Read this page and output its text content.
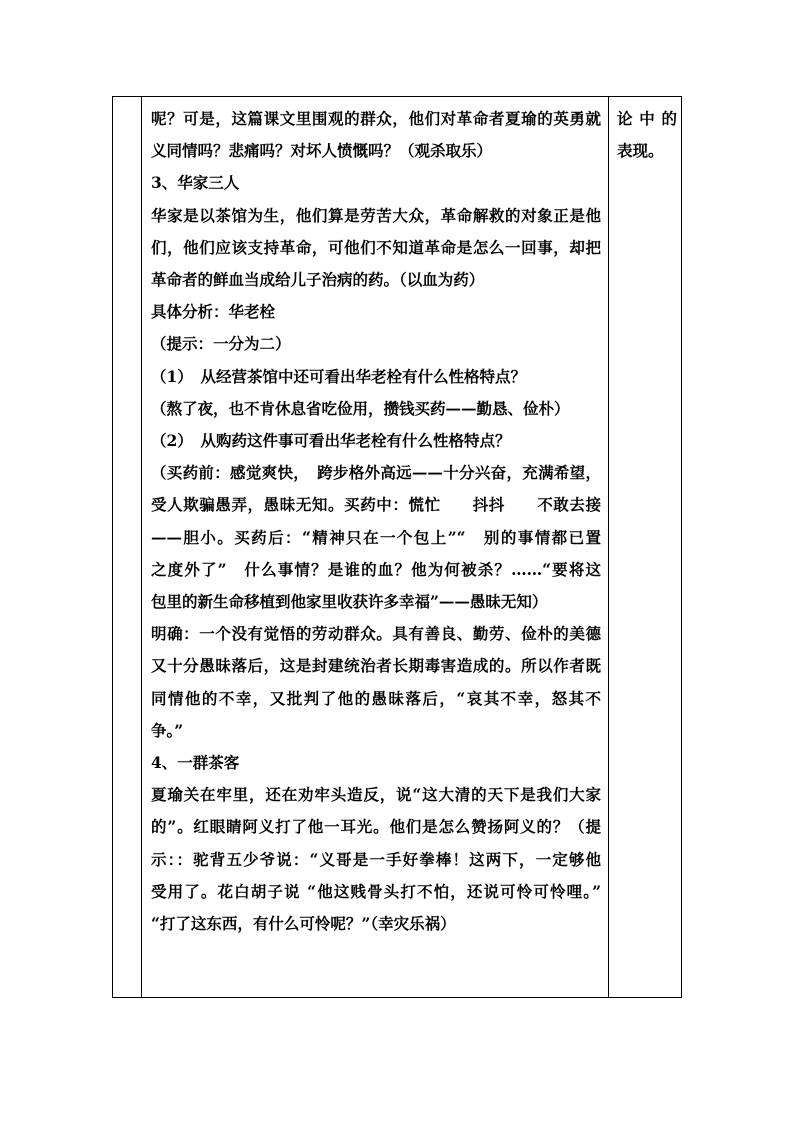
呢？可是，这篇课文里围观的群众，他们对革命者夏瑜的英勇就

义同情吗？悲痛吗？对坏人愤慨吗？（观杀取乐）

3、华家三人

华家是以茶馆为生，他们算是劳苦大众，革命解救的对象正是他

们，他们应该支持革命，可他们不知道革命是怎么一回事，却把

革命者的鲜血当成给儿子治病的药。（以血为药）

具体分析：华老栓

（提示：一分为二）

（1）　从经营茶馆中还可看出华老栓有什么性格特点？

（熬了夜，也不肯休息省吃俭用，攒钱买药——勤恳、俭朴）

（2）　从购药这件事可看出华老栓有什么性格特点？

（买药前：感觉爽快，　跨步格外高远——十分兴奋，充满希望，

受人欺骗愚弄，愚昧无知。买药中：慌忙　　抖抖　　不敢去接

——胆小。买药后：“精神只在一个包上”“　别的事情都已置

之度外了”　什么事情？是谁的血？他为何被杀？……“要将这

包里的新生命移植到他家里收获许多幸福”——愚昧无知）

明确：一个没有觉悟的劳动群众。具有善良、勤劳、俭朴的美德

又十分愚昧落后，这是封建统治者长期毒害造成的。所以作者既

同情他的不幸，又批判了他的愚昧落后，“哀其不幸，怒其不

争。”

4、一群茶客

夏瑜关在牢里，还在劝牢头造反，说“这大清的天下是我们大家

的”。红眼睛阿义打了他一耳光。他们是怎么赞扬阿义的？（提

示：：驼背五少爷说：“义哥是一手好拳棒！这两下，一定够他

受用了。花白胡子说 “他这贱骨头打不怕，还说可怜可怜哩。”

“打了这东西，有什么可怜呢？”（幸灾乐祸）

论中的

表现。
